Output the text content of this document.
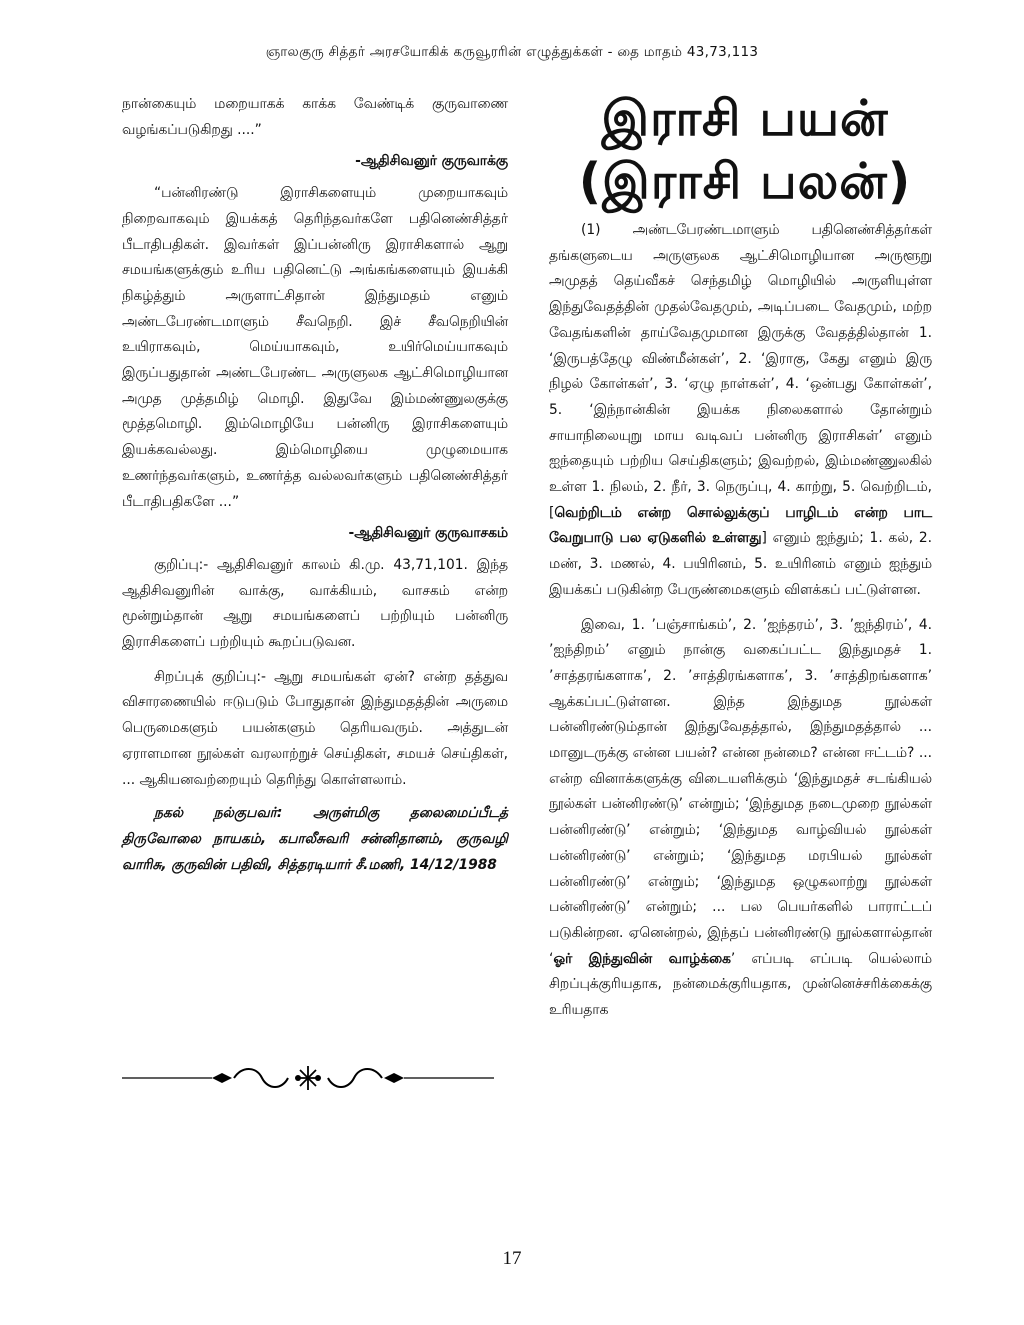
ஞாலகுரு சித்தர் அரசயோகிக் கருவூரரின் எழுத்துக்கள் - தை மாதம் 43,73,113

நான்கையும் மறையாகக் காக்க வேண்டிக் குருவாணை வழங்கப்படுகிறது ....”

-ஆதிசிவனுர் குருவாக்கு

“பன்னிரண்டு இராசிகளையும் முறையாகவும் நிறைவாகவும் இயக்கத் தெரிந்தவர்களே பதினெண்சித்தர் பீடாதிபதிகள். இவர்கள் இப்பன்னிரு இராசிகளால் ஆறு சமயங்களுக்கும் உரிய பதினெட்டு அங்கங்களையும் இயக்கி நிகழ்த்தும் அருளாட்சிதான் இந்துமதம் எனும் அண்டபேரண்டமாளும் சீவநெறி. இச் சீவநெறியின் உயிராகவும், மெய்யாகவும், உயிர்மெய்யாகவும் இருப்பதுதான் அண்டபேரண்ட அருளுலக ஆட்சிமொழியான அமுத முத்தமிழ் மொழி. இதுவே இம்மண்ணுலகுக்கு மூத்தமொழி. இம்மொழியே பன்னிரு இராசிகளையும் இயக்கவல்லது. இம்மொழியை முழுமையாக உணர்ந்தவர்களும், உணர்த்த வல்லவர்களும் பதினெண்சித்தர் பீடாதிபதிகளே ...”

-ஆதிசிவனுர் குருவாசகம்

குறிப்பு:- ஆதிசிவனுர் காலம் கி.மு. 43,71,101. இந்த ஆதிசிவனுரின் வாக்கு, வாக்கியம், வாசகம் என்ற மூன்றும்தான் ஆறு சமயங்களைப் பற்றியும் பன்னிரு இராசிகளைப் பற்றியும் கூறப்படுவன.

சிறப்புக் குறிப்பு:- ஆறு சமயங்கள் ஏன்? என்ற தத்துவ விசாரணையில் ஈடுபடும் போதுதான் இந்துமதத்தின் அருமை பெருமைகளும் பயன்களும் தெரியவரும். அத்துடன் ஏராளமான நூல்கள் வரலாற்றுச் செய்திகள், சமயச் செய்திகள், ... ஆகியனவற்றையும் தெரிந்து கொள்ளலாம்.

நகல் நல்குபவர்: அருள்மிகு தலைமைப்பீடத் திருவோலை நாயகம், கபாலீசுவரி சன்னிதானம், குருவழி வாரிசு, குருவின் பதிவி, சித்தரடியார் சீ.மணி, 14/12/1988

இராசி பயன்
(இராசி பலன்)

(1) அண்டபேரண்டமாளும் பதினெண்சித்தர்கள் தங்களுடைய அருளுலக ஆட்சிமொழியான அருளூறு அமுதத் தெய்வீகச் செந்தமிழ் மொழியில் அருளியுள்ள இந்துவேதத்தின் முதல்வேதமும், அடிப்படை வேதமும், மற்ற வேதங்களின் தாய்வேதமுமான இருக்கு வேதத்தில்தான் 1. ‘இருபத்தேழு விண்மீன்கள்’, 2. ‘இராகு, கேது எனும் இரு நிழல் கோள்கள்’, 3. ‘ஏழு நாள்கள்’, 4. ‘ஒன்பது கோள்கள்’, 5. ‘இந்நான்கின் இயக்க நிலைகளால் தோன்றும் சாயாநிலையுறு மாய வடிவப் பன்னிரு இராசிகள்’ எனும் ஐந்தையும் பற்றிய செய்திகளும்; இவற்றல், இம்மண்ணுலகில் உள்ள 1. நிலம், 2. நீர், 3. நெருப்பு, 4. காற்று, 5. வெற்றிடம், [வெற்றிடம் என்ற சொல்லுக்குப் பாழிடம் என்ற பாட வேறுபாடு பல ஏடுகளில் உள்ளது] எனும் ஐந்தும்; 1. கல், 2. மண், 3. மணல், 4. பயிரினம், 5. உயிரினம் எனும் ஐந்தும் இயக்கப் படுகின்ற பேருண்மைகளும் விளக்கப் பட்டுள்ளன.

இவை, 1. ’பஞ்சாங்கம்’, 2. ’ஐந்தரம்’, 3. ’ஐந்திரம்’, 4. ’ஐந்திறம்’ எனும் நான்கு வகைப்பட்ட இந்துமதச் 1. ’சாத்தரங்களாக’, 2. ’சாத்திரங்களாக’, 3. ’சாத்திறங்களாக’ ஆக்கப்பட்டுள்ளன. இந்த இந்துமத நூல்கள் பன்னிரண்டும்தான் இந்துவேதத்தால், இந்துமதத்தால் ... மானுடருக்கு என்ன பயன்? என்ன நன்மை? என்ன ஈட்டம்? ... என்ற வினாக்களுக்கு விடையளிக்கும் ‘இந்துமதச் சடங்கியல் நூல்கள் பன்னிரண்டு’ என்றும்; ‘இந்துமத நடைமுறை நூல்கள் பன்னிரண்டு’ என்றும்; ‘இந்துமத வாழ்வியல் நூல்கள் பன்னிரண்டு’ என்றும்; ‘இந்துமத மரபியல் நூல்கள் பன்னிரண்டு’ என்றும்; ‘இந்துமத ஒழுகலாற்று நூல்கள் பன்னிரண்டு’ என்றும்; ... பல பெயர்களில் பாராட்டப் படுகின்றன. ஏனென்றல், இந்தப் பன்னிரண்டு நூல்களால்தான் ‘ஓர் இந்துவின் வாழ்க்கை’ எப்படி எப்படி யெல்லாம் சிறப்புக்குரியதாக, நன்மைக்குரியதாக, முன்னெச்சரிக்கைக்கு உரியதாக

17
